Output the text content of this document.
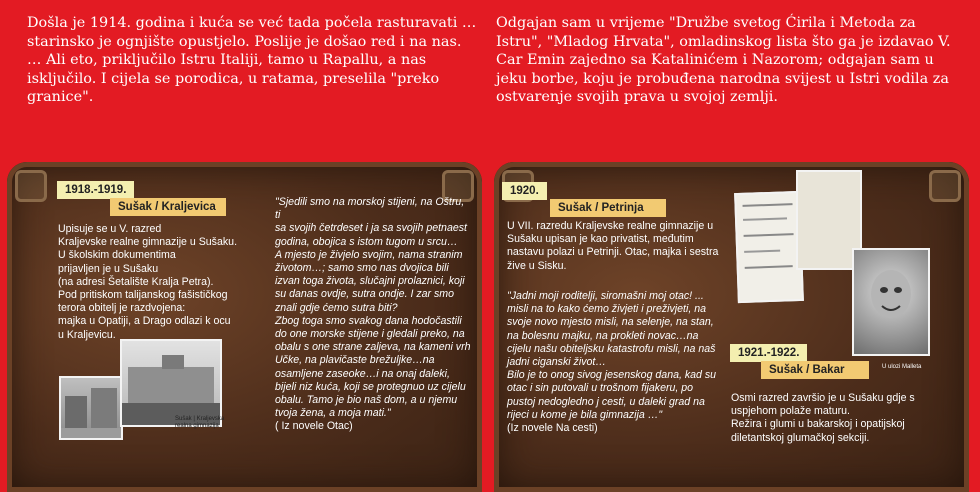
Došla je 1914. godina i kuća se već tada počela rasturavati … starinsko je ognjište opustjelo. Poslije je došao red i na nas. … Ali eto, priključilo Istru Italiji, tamo u Rapallu, a nas isključilo. I cijela se porodica, u ratama, preselila "preko granice".

Odgajan sam u vrijeme "Družbe svetog Ćirila i Metoda za Istru", "Mladog Hrvata", omladinskog lista što ga je izdavao V. Car Emin zajedno sa Katalinićem i Nazorom; odgajan sam u jeku borbe, koju je probuđena narodna svijest u Istri vodila za ostvarenje svojih prava u svojoj zemlji.

1918.-1919.
Sušak / Kraljevica
Upisuje se u V. razred
Kraljevske realne gimnazije u Sušaku.
U školskim dokumentima
prijavljen je u Sušaku
(na adresi Šetalište Kralja Petra).
Pod pritiskom talijanskog fašističkog
terora obitelj je razdvojena:
majka u Opatiji, a Drago odlazi k ocu
u Kraljevicu.
Sušak | Kraljevska
realna gimnazija
"Sjedili smo na morskoj stijeni, na Oštru, ti
sa svojih četrdeset i ja sa svojih petnaest
godina, obojica s istom tugom u srcu…
A mjesto je živjelo svojim, nama stranim
životom…; samo smo nas dvojica bili
izvan toga života, slučajni prolaznici, koji
su danas ovdje, sutra ondje. I zar smo
znali gdje ćemo sutra biti?
Zbog toga smo svakog dana hodočastili
do one morske stijene i gledali preko, na
obalu s one strane zaljeva, na kameni vrh
Učke, na plavičaste brežuljke…na
osamljene zaseoke…i na onaj daleki,
bijeli niz kuća, koji se protegnuo uz cijelu
obalu. Tamo je bio naš dom, a u njemu
tvoja žena, a moja mati."
( Iz novele Otac)
1920.
Sušak / Petrinja
U VII. razredu Kraljevske realne gimnazije u
Sušaku upisan je kao privatist, međutim
nastavu polazi u Petrinji. Otac, majka i sestra
žive u Sisku.
"Jadni moji roditelji, siromašni moj otac! ...
misli na to kako ćemo živjeti i preživjeti, na
svoje novo mjesto misli, na selenje, na stan,
na bolesnu majku, na prokleti novac…na
cijelu našu obiteljsku katastrofu misli, na naš
jadni ciganski život…
Bilo je to onog sivog jesenskog dana, kad su
otac i sin putovali u trošnom fijakeru, po
pustoj nedogledno j cesti, u daleki grad na
rijeci u kome je bila gimnazija …"
(Iz novele Na cesti)
U ulozi Malleta
1921.-1922.
Sušak / Bakar
Osmi razred završio je u Sušaku gdje s
uspjehom polaže maturu.
Režira i glumi u bakarskoj i opatijskoj
diletantskoj glumačkoj sekciji.
